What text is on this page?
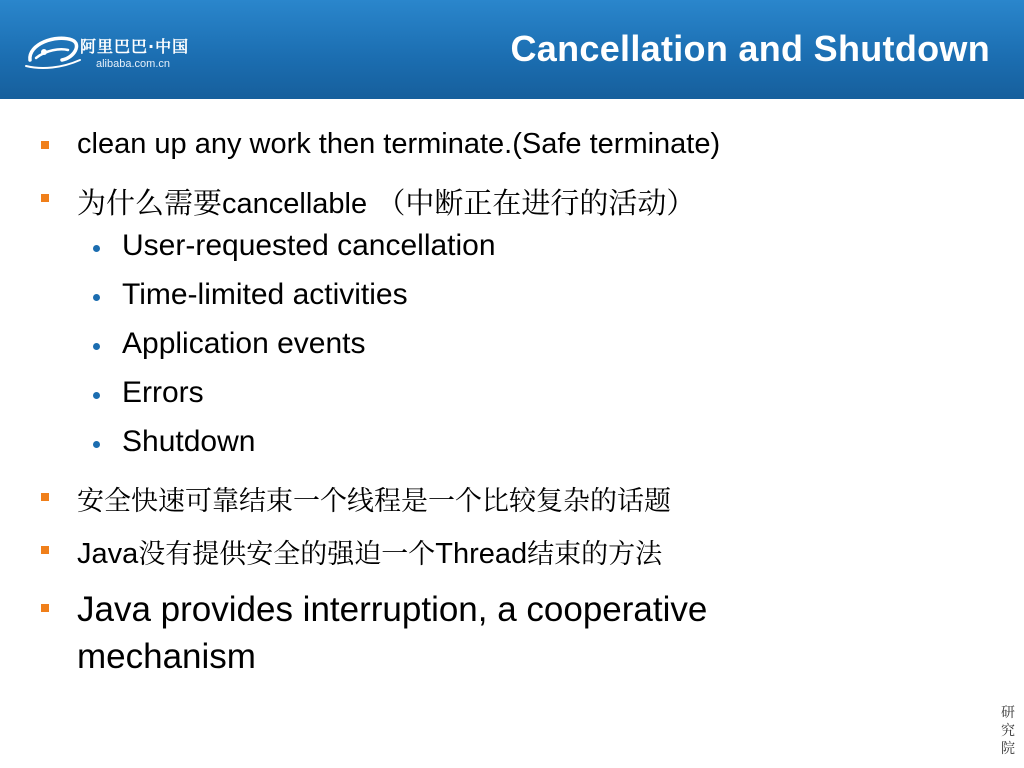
阿里巴巴·中国
alibaba.com.cn	Cancellation and Shutdown
clean up any work then terminate.(Safe terminate)
为什么需要cancellable （中断正在进行的活动）
User-requested cancellation
Time-limited activities
Application events
Errors
Shutdown
安全快速可靠结束一个线程是一个比较复杂的话题
Java没有提供安全的强迫一个Thread结束的方法
Java provides interruption, a cooperative
mechanism
研究院
